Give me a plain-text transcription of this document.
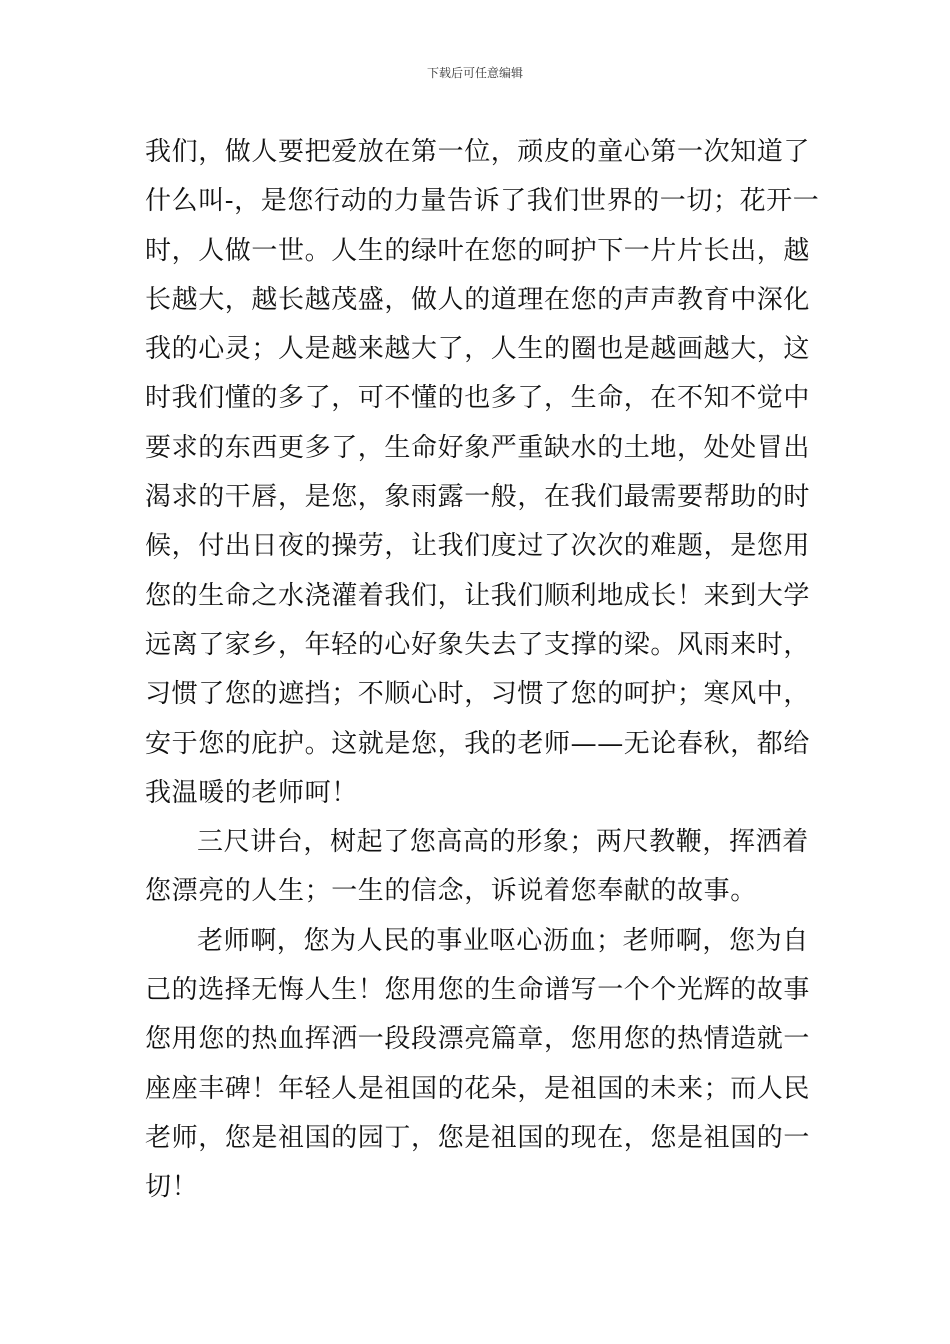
下载后可任意编辑
我们，做人要把爱放在第一位，顽皮的童心第一次知道了
什么叫-，是您行动的力量告诉了我们世界的一切；花开一
时，人做一世。人生的绿叶在您的呵护下一片片长出，越
长越大，越长越茂盛，做人的道理在您的声声教育中深化
我的心灵；人是越来越大了，人生的圈也是越画越大，这
时我们懂的多了，可不懂的也多了，生命，在不知不觉中
要求的东西更多了，生命好象严重缺水的土地，处处冒出
渴求的干唇，是您，象雨露一般，在我们最需要帮助的时
候，付出日夜的操劳，让我们度过了次次的难题，是您用
您的生命之水浇灌着我们，让我们顺利地成长！来到大学
远离了家乡，年轻的心好象失去了支撑的梁。风雨来时，
习惯了您的遮挡；不顺心时，习惯了您的呵护；寒风中，
安于您的庇护。这就是您，我的老师——无论春秋，都给
我温暖的老师呵！
三尺讲台，树起了您高高的形象；两尺教鞭，挥洒着
您漂亮的人生；一生的信念，诉说着您奉献的故事。
老师啊，您为人民的事业呕心沥血；老师啊，您为自
己的选择无悔人生！您用您的生命谱写一个个光辉的故事
您用您的热血挥洒一段段漂亮篇章，您用您的热情造就一
座座丰碑！年轻人是祖国的花朵，是祖国的未来；而人民
老师，您是祖国的园丁，您是祖国的现在，您是祖国的一
切！
